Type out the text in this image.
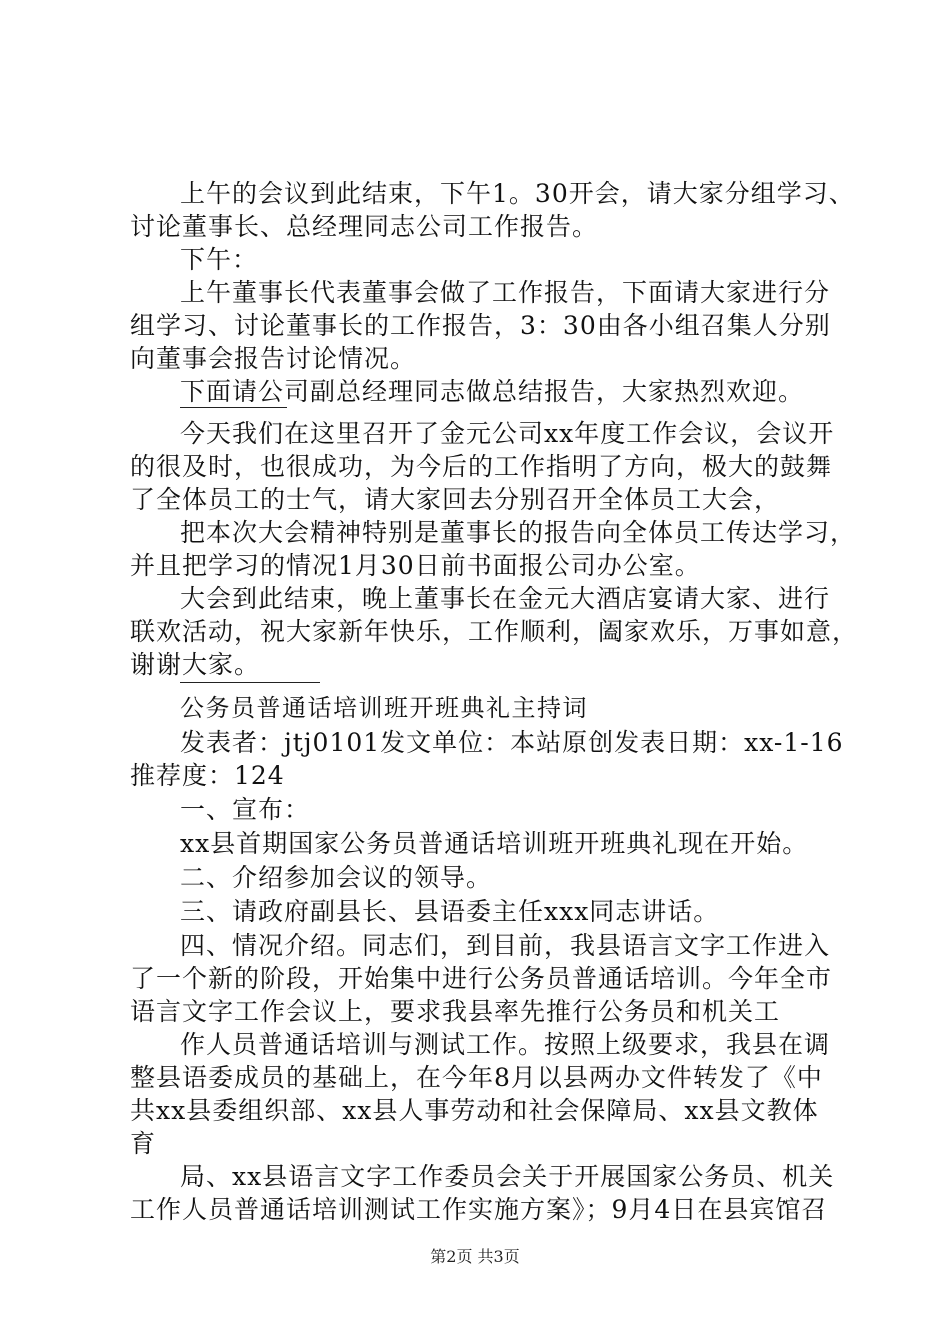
上午的会议到此结束，下午1。30开会，请大家分组学习、
讨论董事长、总经理同志公司工作报告。
下午：
上午董事长代表董事会做了工作报告，下面请大家进行分
组学习、讨论董事长的工作报告，3：30由各小组召集人分别
向董事会报告讨论情况。
下面请公司副总经理同志做总结报告，大家热烈欢迎。
今天我们在这里召开了金元公司xx年度工作会议，会议开
的很及时，也很成功，为今后的工作指明了方向，极大的鼓舞
了全体员工的士气，请大家回去分别召开全体员工大会，
把本次大会精神特别是董事长的报告向全体员工传达学习，
并且把学习的情况1月30日前书面报公司办公室。
大会到此结束，晚上董事长在金元大酒店宴请大家、进行
联欢活动，祝大家新年快乐，工作顺利，阖家欢乐，万事如意，
谢谢大家。
公务员普通话培训班开班典礼主持词
发表者：jtj0101发文单位：本站原创发表日期：xx-1-16
推荐度：124
一、宣布：
xx县首期国家公务员普通话培训班开班典礼现在开始。
二、介绍参加会议的领导。
三、请政府副县长、县语委主任xxx同志讲话。
四、情况介绍。同志们，到目前，我县语言文字工作进入
了一个新的阶段，开始集中进行公务员普通话培训。今年全市
语言文字工作会议上，要求我县率先推行公务员和机关工
作人员普通话培训与测试工作。按照上级要求，我县在调
整县语委成员的基础上，在今年8月以县两办文件转发了《中
共xx县委组织部、xx县人事劳动和社会保障局、xx县文教体
育
局、xx县语言文字工作委员会关于开展国家公务员、机关
工作人员普通话培训测试工作实施方案》；9月4日在县宾馆召
第2页 共3页
